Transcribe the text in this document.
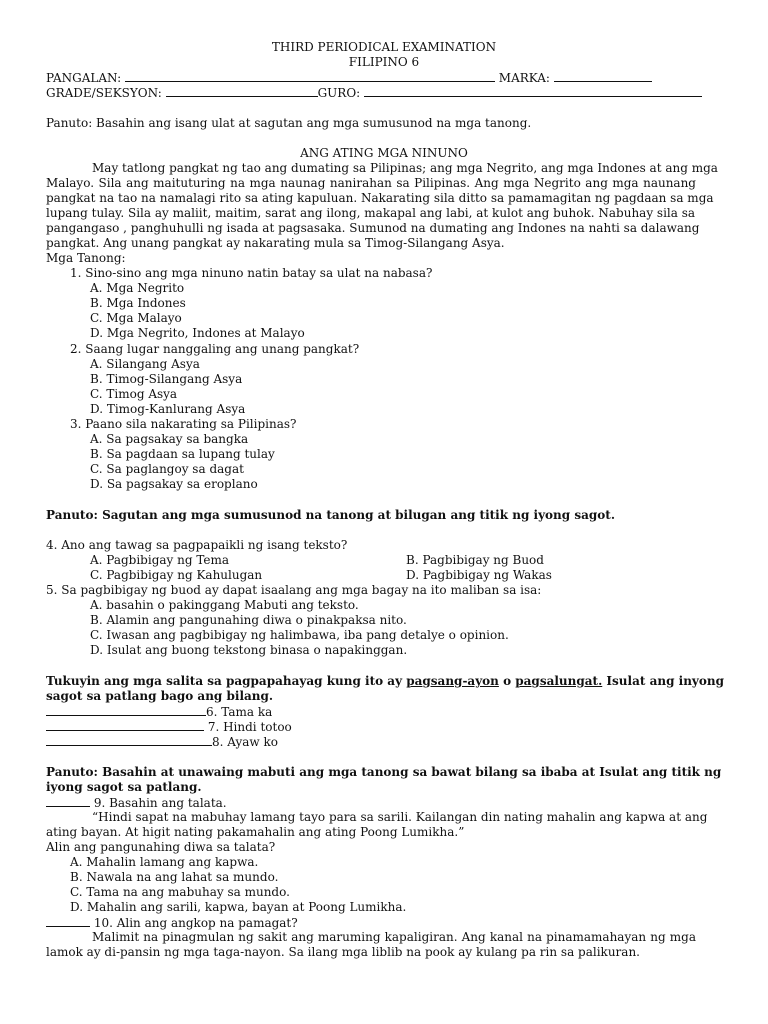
THIRD PERIODICAL EXAMINATION
FILIPINO 6
PANGALAN:	MARKA:
GRADE/SEKSYON:	GURO:
Panuto: Basahin ang isang ulat at sagutan ang mga sumusunod na mga tanong.
ANG ATING MGA NINUNO
May tatlong pangkat ng tao ang dumating sa Pilipinas; ang mga Negrito, ang mga Indones at ang mga
Malayo. Sila ang maituturing na mga naunag nanirahan sa Pilipinas. Ang mga Negrito ang mga naunang
pangkat na tao na namalagi rito sa ating kapuluan. Nakarating sila ditto sa pamamagitan ng pagdaan sa mga
lupang tulay. Sila ay maliit, maitim, sarat ang ilong, makapal ang labi, at kulot ang buhok. Nabuhay sila sa
pangangaso , panghuhulli ng isada at pagsasaka. Sumunod na dumating ang Indones na nahti sa dalawang
pangkat. Ang unang pangkat ay nakarating mula sa Timog-Silangang Asya.
Mga Tanong:
1. Sino-sino ang mga ninuno natin batay sa ulat na nabasa?
A. Mga Negrito
B. Mga Indones
C. Mga Malayo
D. Mga Negrito, Indones at Malayo
2. Saang lugar nanggaling ang unang pangkat?
A. Silangang Asya
B. Timog-Silangang Asya
C. Timog Asya
D. Timog-Kanlurang Asya
3. Paano sila nakarating sa Pilipinas?
A. Sa pagsakay sa bangka
B. Sa pagdaan sa lupang tulay
C. Sa paglangoy sa dagat
D. Sa pagsakay sa eroplano
Panuto: Sagutan ang mga sumusunod na tanong at bilugan ang titik ng iyong sagot.
4. Ano ang tawag sa pagpapaikli ng isang teksto?
A. Pagbibigay ng Tema	B. Pagbibigay ng Buod
C. Pagbibigay ng Kahulugan	D. Pagbibigay ng Wakas
5. Sa pagbibigay ng buod ay dapat isaalang ang mga bagay na ito maliban sa isa:
A. basahin o pakinggang Mabuti ang teksto.
B. Alamin ang pangunahing diwa o pinakpaksa nito.
C. Iwasan ang pagbibigay ng halimbawa, iba pang detalye o opinion.
D. Isulat ang buong tekstong binasa o napakinggan.
Tukuyin ang mga salita sa pagpapahayag kung ito ay pagsang-ayon o pagsalungat. Isulat ang inyong
sagot sa patlang bago ang bilang.
6. Tama ka
7. Hindi totoo
8. Ayaw ko
Panuto: Basahin at unawaing mabuti ang mga tanong sa bawat bilang sa ibaba at Isulat ang titik ng
iyong sagot sa patlang.
9. Basahin ang talata.
“Hindi sapat na mabuhay lamang tayo para sa sarili. Kailangan din nating mahalin ang kapwa at ang
ating bayan. At higit nating pakamahalin ang ating Poong Lumikha.”
Alin ang pangunahing diwa sa talata?
A. Mahalin lamang ang kapwa.
B. Nawala na ang lahat sa mundo.
C. Tama na ang mabuhay sa mundo.
D. Mahalin ang sarili, kapwa, bayan at Poong Lumikha.
10. Alin ang angkop na pamagat?
Malimit na pinagmulan ng sakit ang maruming kapaligiran. Ang kanal na pinamamahayan ng mga
lamok ay di-pansin ng mga taga-nayon. Sa ilang mga liblib na pook ay kulang pa rin sa palikuran.
